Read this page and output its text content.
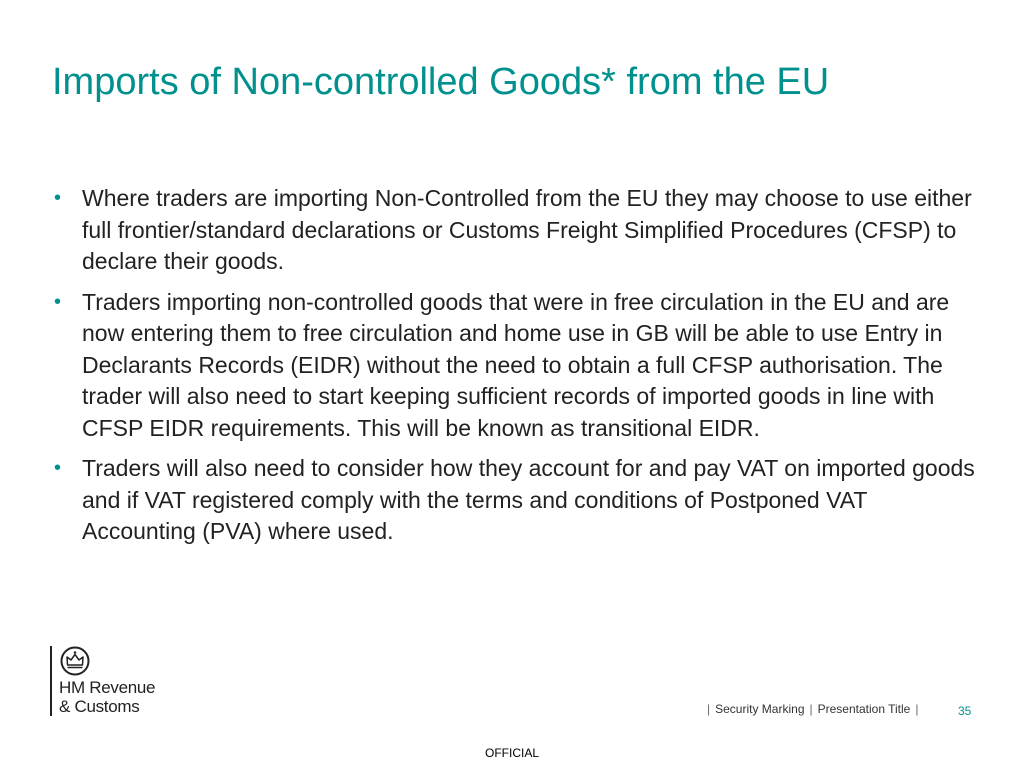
Imports of Non-controlled Goods* from the EU
• Where traders are importing Non-Controlled from the EU they may choose to use either full frontier/standard declarations or Customs Freight Simplified Procedures (CFSP) to declare their goods.
• Traders importing non-controlled goods that were in free circulation in the EU and are now entering them to free circulation and home use in GB will be able to use Entry in Declarants Records (EIDR) without the need to obtain a full CFSP authorisation. The trader will also need to start keeping sufficient records of imported goods in line with CFSP EIDR requirements. This will be known as transitional EIDR.
• Traders will also need to consider how they account for and pay VAT on imported goods and if VAT registered comply with the terms and conditions of Postponed VAT Accounting (PVA) where used.
HM Revenue
& Customs	| Security Marking | Presentation Title |	35
OFFICIAL
